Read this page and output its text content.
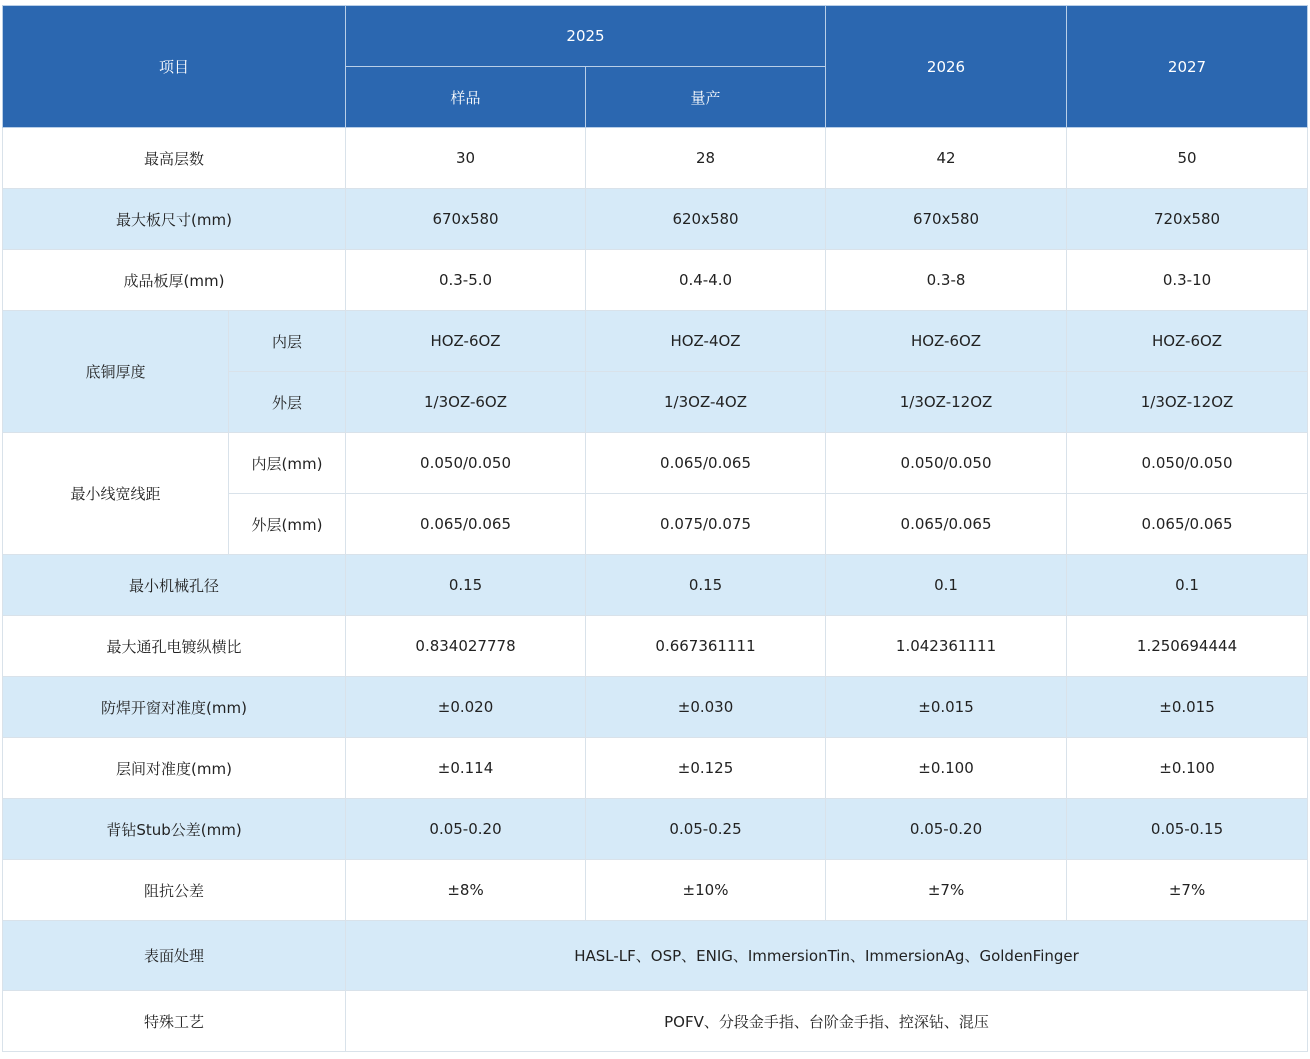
项目		2025		2026	2027
		样品	量产		
最高层数		30	28	42	50
最大板尺寸(mm)		670x580	620x580	670x580	720x580
成品板厚(mm)		0.3-5.0	0.4-4.0	0.3-8	0.3-10
底铜厚度	内层	HOZ-6OZ	HOZ-4OZ	HOZ-6OZ	HOZ-6OZ
	外层	1/3OZ-6OZ	1/3OZ-4OZ	1/3OZ-12OZ	1/3OZ-12OZ
最小线宽线距	内层(mm)	0.050/0.050	0.065/0.065	0.050/0.050	0.050/0.050
	外层(mm)	0.065/0.065	0.075/0.075	0.065/0.065	0.065/0.065
最小机械孔径		0.15	0.15	0.1	0.1
最大通孔电镀纵横比		0.834027778	0.667361111	1.042361111	1.250694444
防焊开窗对准度(mm)		±0.020	±0.030	±0.015	±0.015
层间对准度(mm)		±0.114	±0.125	±0.100	±0.100
背钻Stub公差(mm)		0.05-0.20	0.05-0.25	0.05-0.20	0.05-0.15
阻抗公差		±8%	±10%	±7%	±7%
表面处理		HASL-LF、OSP、ENIG、ImmersionTin、ImmersionAg、GoldenFinger			
特殊工艺		POFV、分段金手指、台阶金手指、控深钻、混压			
